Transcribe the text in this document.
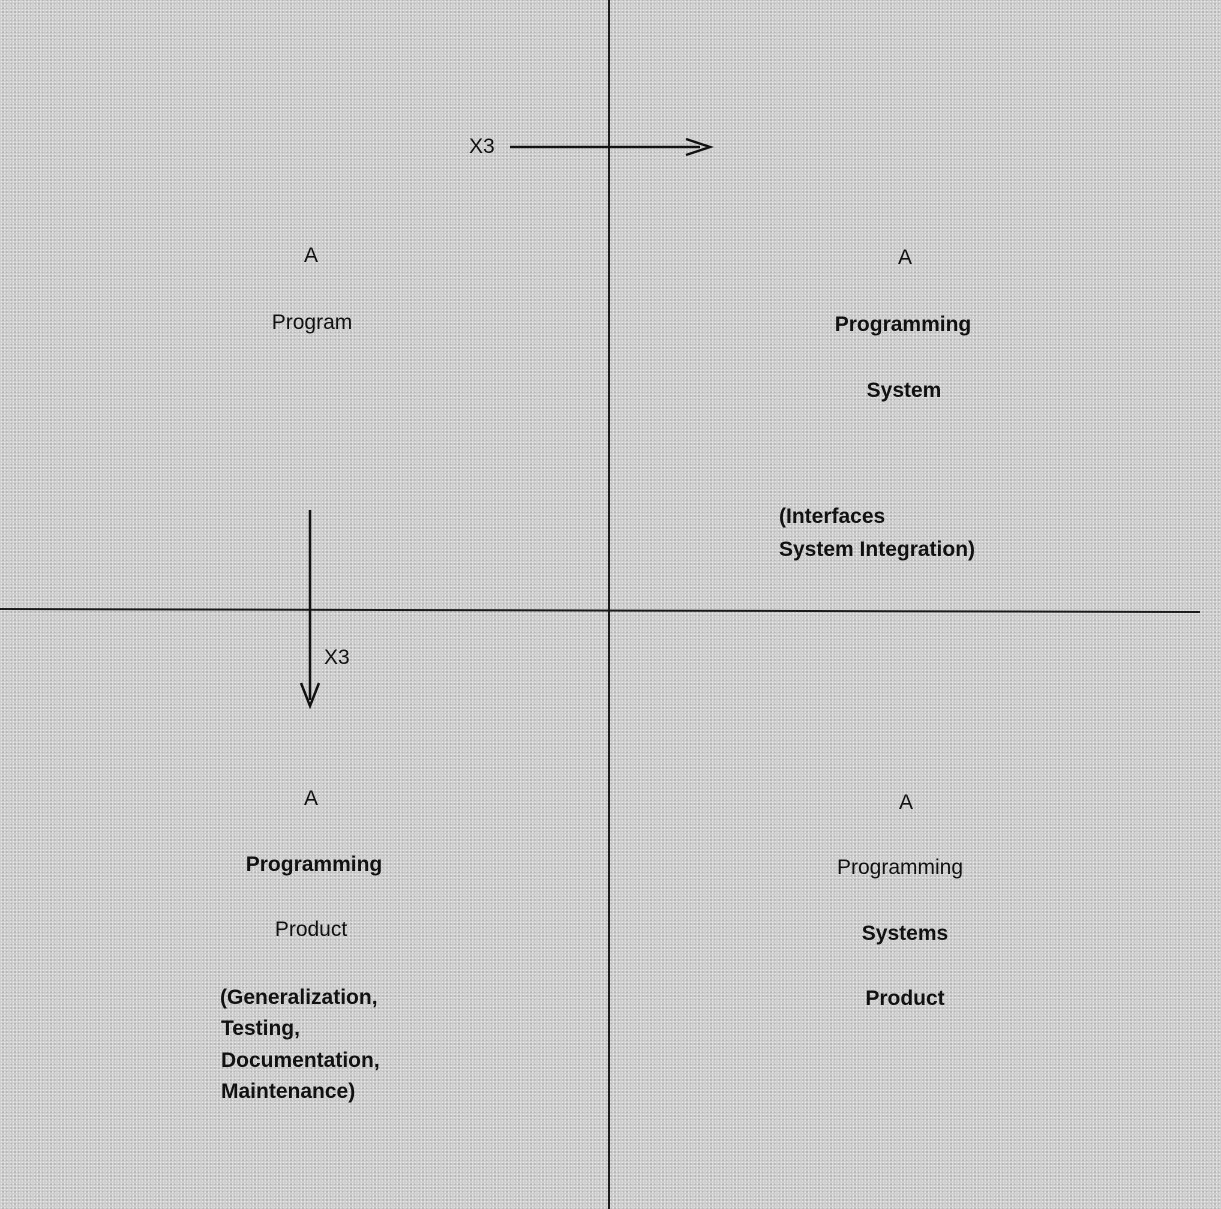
X3

X3

A

Program

A

Programming

System

(Interfaces

System Integration)

A

Programming

Product

(Generalization,

Testing,

Documentation,

Maintenance)

A

Programming

Systems

Product
